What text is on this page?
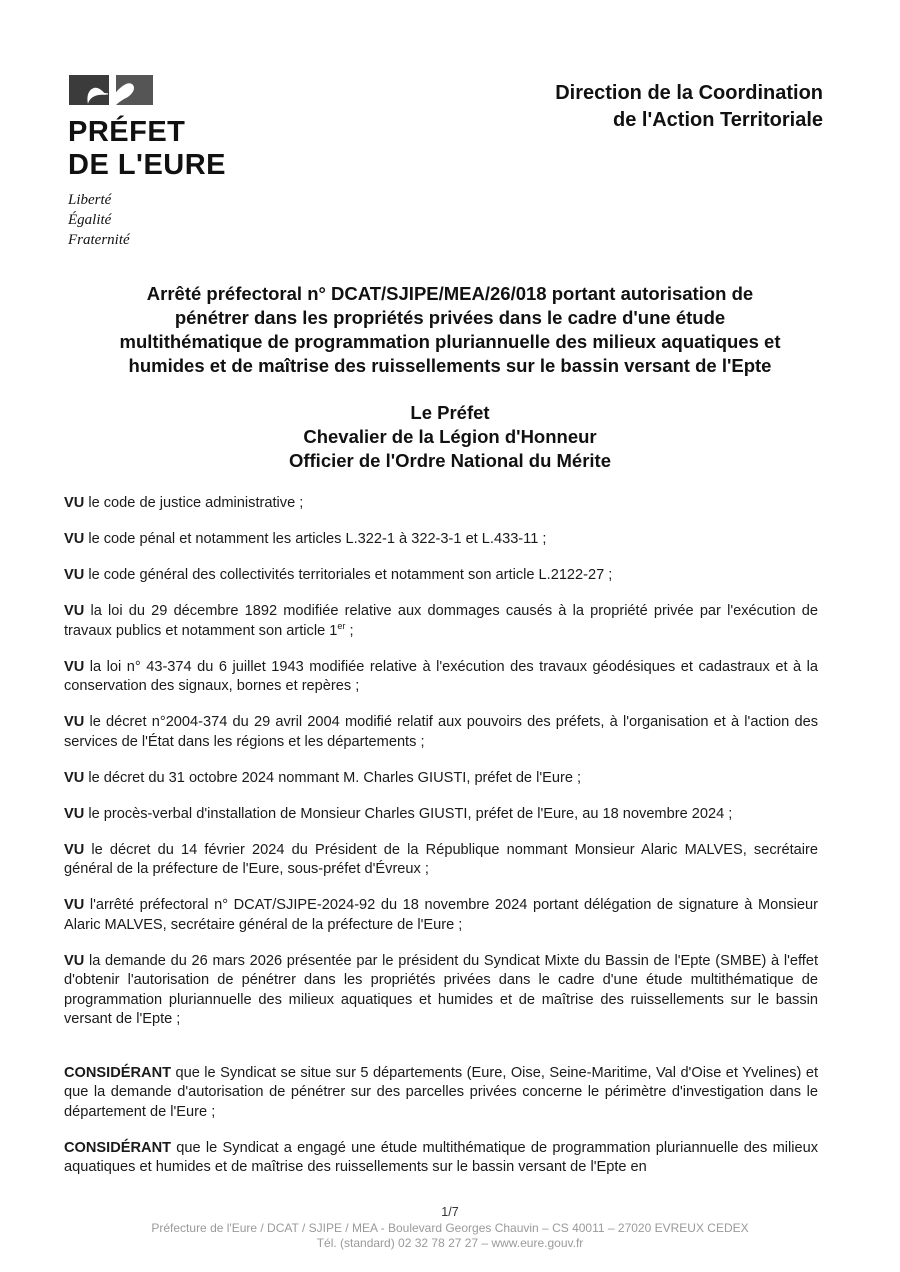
PRÉFET
DE L'EURE
Liberté
Égalité
Fraternité
Direction de la Coordination
de l'Action Territoriale
Arrêté préfectoral n° DCAT/SJIPE/MEA/26/018 portant autorisation de
pénétrer dans les propriétés privées dans le cadre d'une étude
multithématique de programmation pluriannuelle des milieux aquatiques et
humides et de maîtrise des ruissellements sur le bassin versant de l'Epte
Le Préfet
Chevalier de la Légion d'Honneur
Officier de l'Ordre National du Mérite

VU le code de justice administrative ;

VU le code pénal et notamment les articles L.322-1 à 322-3-1 et L.433-11 ;

VU le code général des collectivités territoriales et notamment son article L.2122-27 ;

VU la loi du 29 décembre 1892 modifiée relative aux dommages causés à la propriété privée par l'exécution de travaux publics et notamment son article 1er ;

VU la loi n° 43-374 du 6 juillet 1943 modifiée relative à l'exécution des travaux géodésiques et cadastraux et à la conservation des signaux, bornes et repères ;

VU le décret n°2004-374 du 29 avril 2004 modifié relatif aux pouvoirs des préfets, à l'organisation et à l'action des services de l'État dans les régions et les départements ;

VU le décret du 31 octobre 2024 nommant M. Charles GIUSTI, préfet de l'Eure ;

VU le procès-verbal d'installation de Monsieur Charles GIUSTI, préfet de l'Eure, au 18 novembre 2024 ;

VU le décret du 14 février 2024 du Président de la République nommant Monsieur Alaric MALVES, secrétaire général de la préfecture de l'Eure, sous-préfet d'Évreux ;

VU l'arrêté préfectoral n° DCAT/SJIPE-2024-92 du 18 novembre 2024 portant délégation de signature à Monsieur Alaric MALVES, secrétaire général de la préfecture de l'Eure ;

VU la demande du 26 mars 2026 présentée par le président du Syndicat Mixte du Bassin de l'Epte (SMBE) à l'effet d'obtenir l'autorisation de pénétrer dans les propriétés privées dans le cadre d'une étude multithématique de programmation pluriannuelle des milieux aquatiques et humides et de maîtrise des ruissellements sur le bassin versant de l'Epte ;

CONSIDÉRANT que le Syndicat se situe sur 5 départements (Eure, Oise, Seine-Maritime, Val d'Oise et Yvelines) et que la demande d'autorisation de pénétrer sur des parcelles privées concerne le périmètre d'investigation dans le département de l'Eure ;

CONSIDÉRANT que le Syndicat a engagé une étude multithématique de programmation pluriannuelle des milieux aquatiques et humides et de maîtrise des ruissellements sur le bassin versant de l'Epte en

1/7
Préfecture de l'Eure / DCAT / SJIPE / MEA - Boulevard Georges Chauvin – CS 40011 – 27020 EVREUX CEDEX
Tél. (standard) 02 32 78 27 27 – www.eure.gouv.fr
